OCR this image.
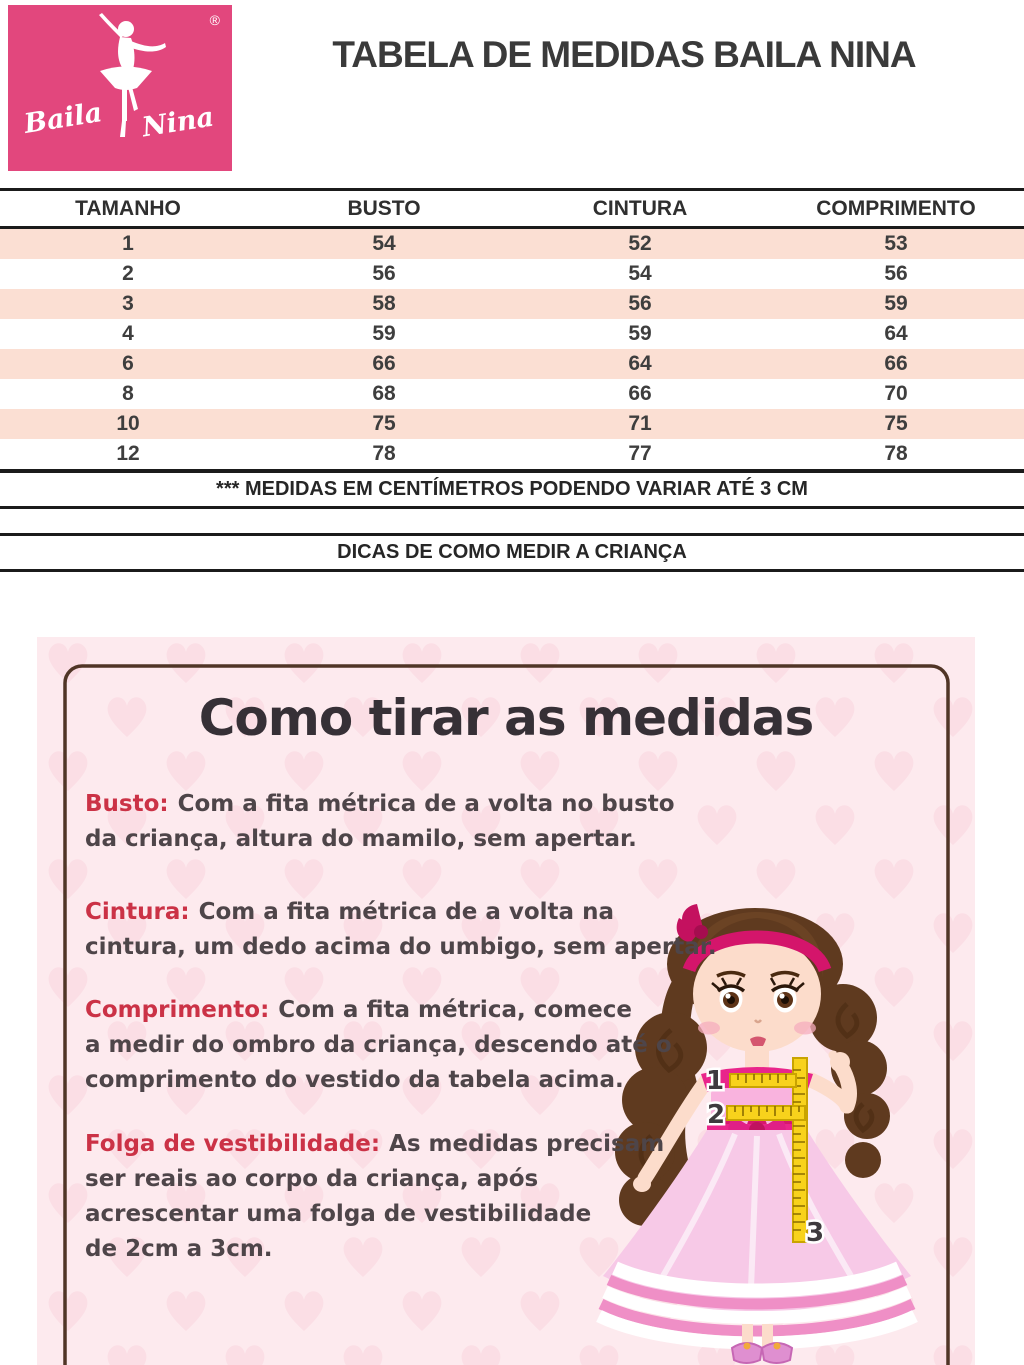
Baila Nina
®
TABELA DE MEDIDAS BAILA NINA
TAMANHO	BUSTO	CINTURA	COMPRIMENTO
1	54	52	53
2	56	54	56
3	58	56	59
4	59	59	64
6	66	64	66
8	68	66	70
10	75	71	75
12	78	77	78
*** MEDIDAS EM CENTÍMETROS PODENDO VARIAR ATÉ 3 CM
DICAS DE COMO MEDIR A CRIANÇA
1
2
3
Como tirar as medidas
Busto: Com a fita métrica de a volta no busto
da criança, altura do mamilo, sem apertar.
Cintura: Com a fita métrica de a volta na
cintura, um dedo acima do umbigo, sem apertar.
Comprimento: Com a fita métrica, comece
a medir do ombro da criança, descendo até o
comprimento do vestido da tabela acima.
Folga de vestibilidade: As medidas precisam
ser reais ao corpo da criança, após
acrescentar uma folga de vestibilidade
de 2cm a 3cm.
